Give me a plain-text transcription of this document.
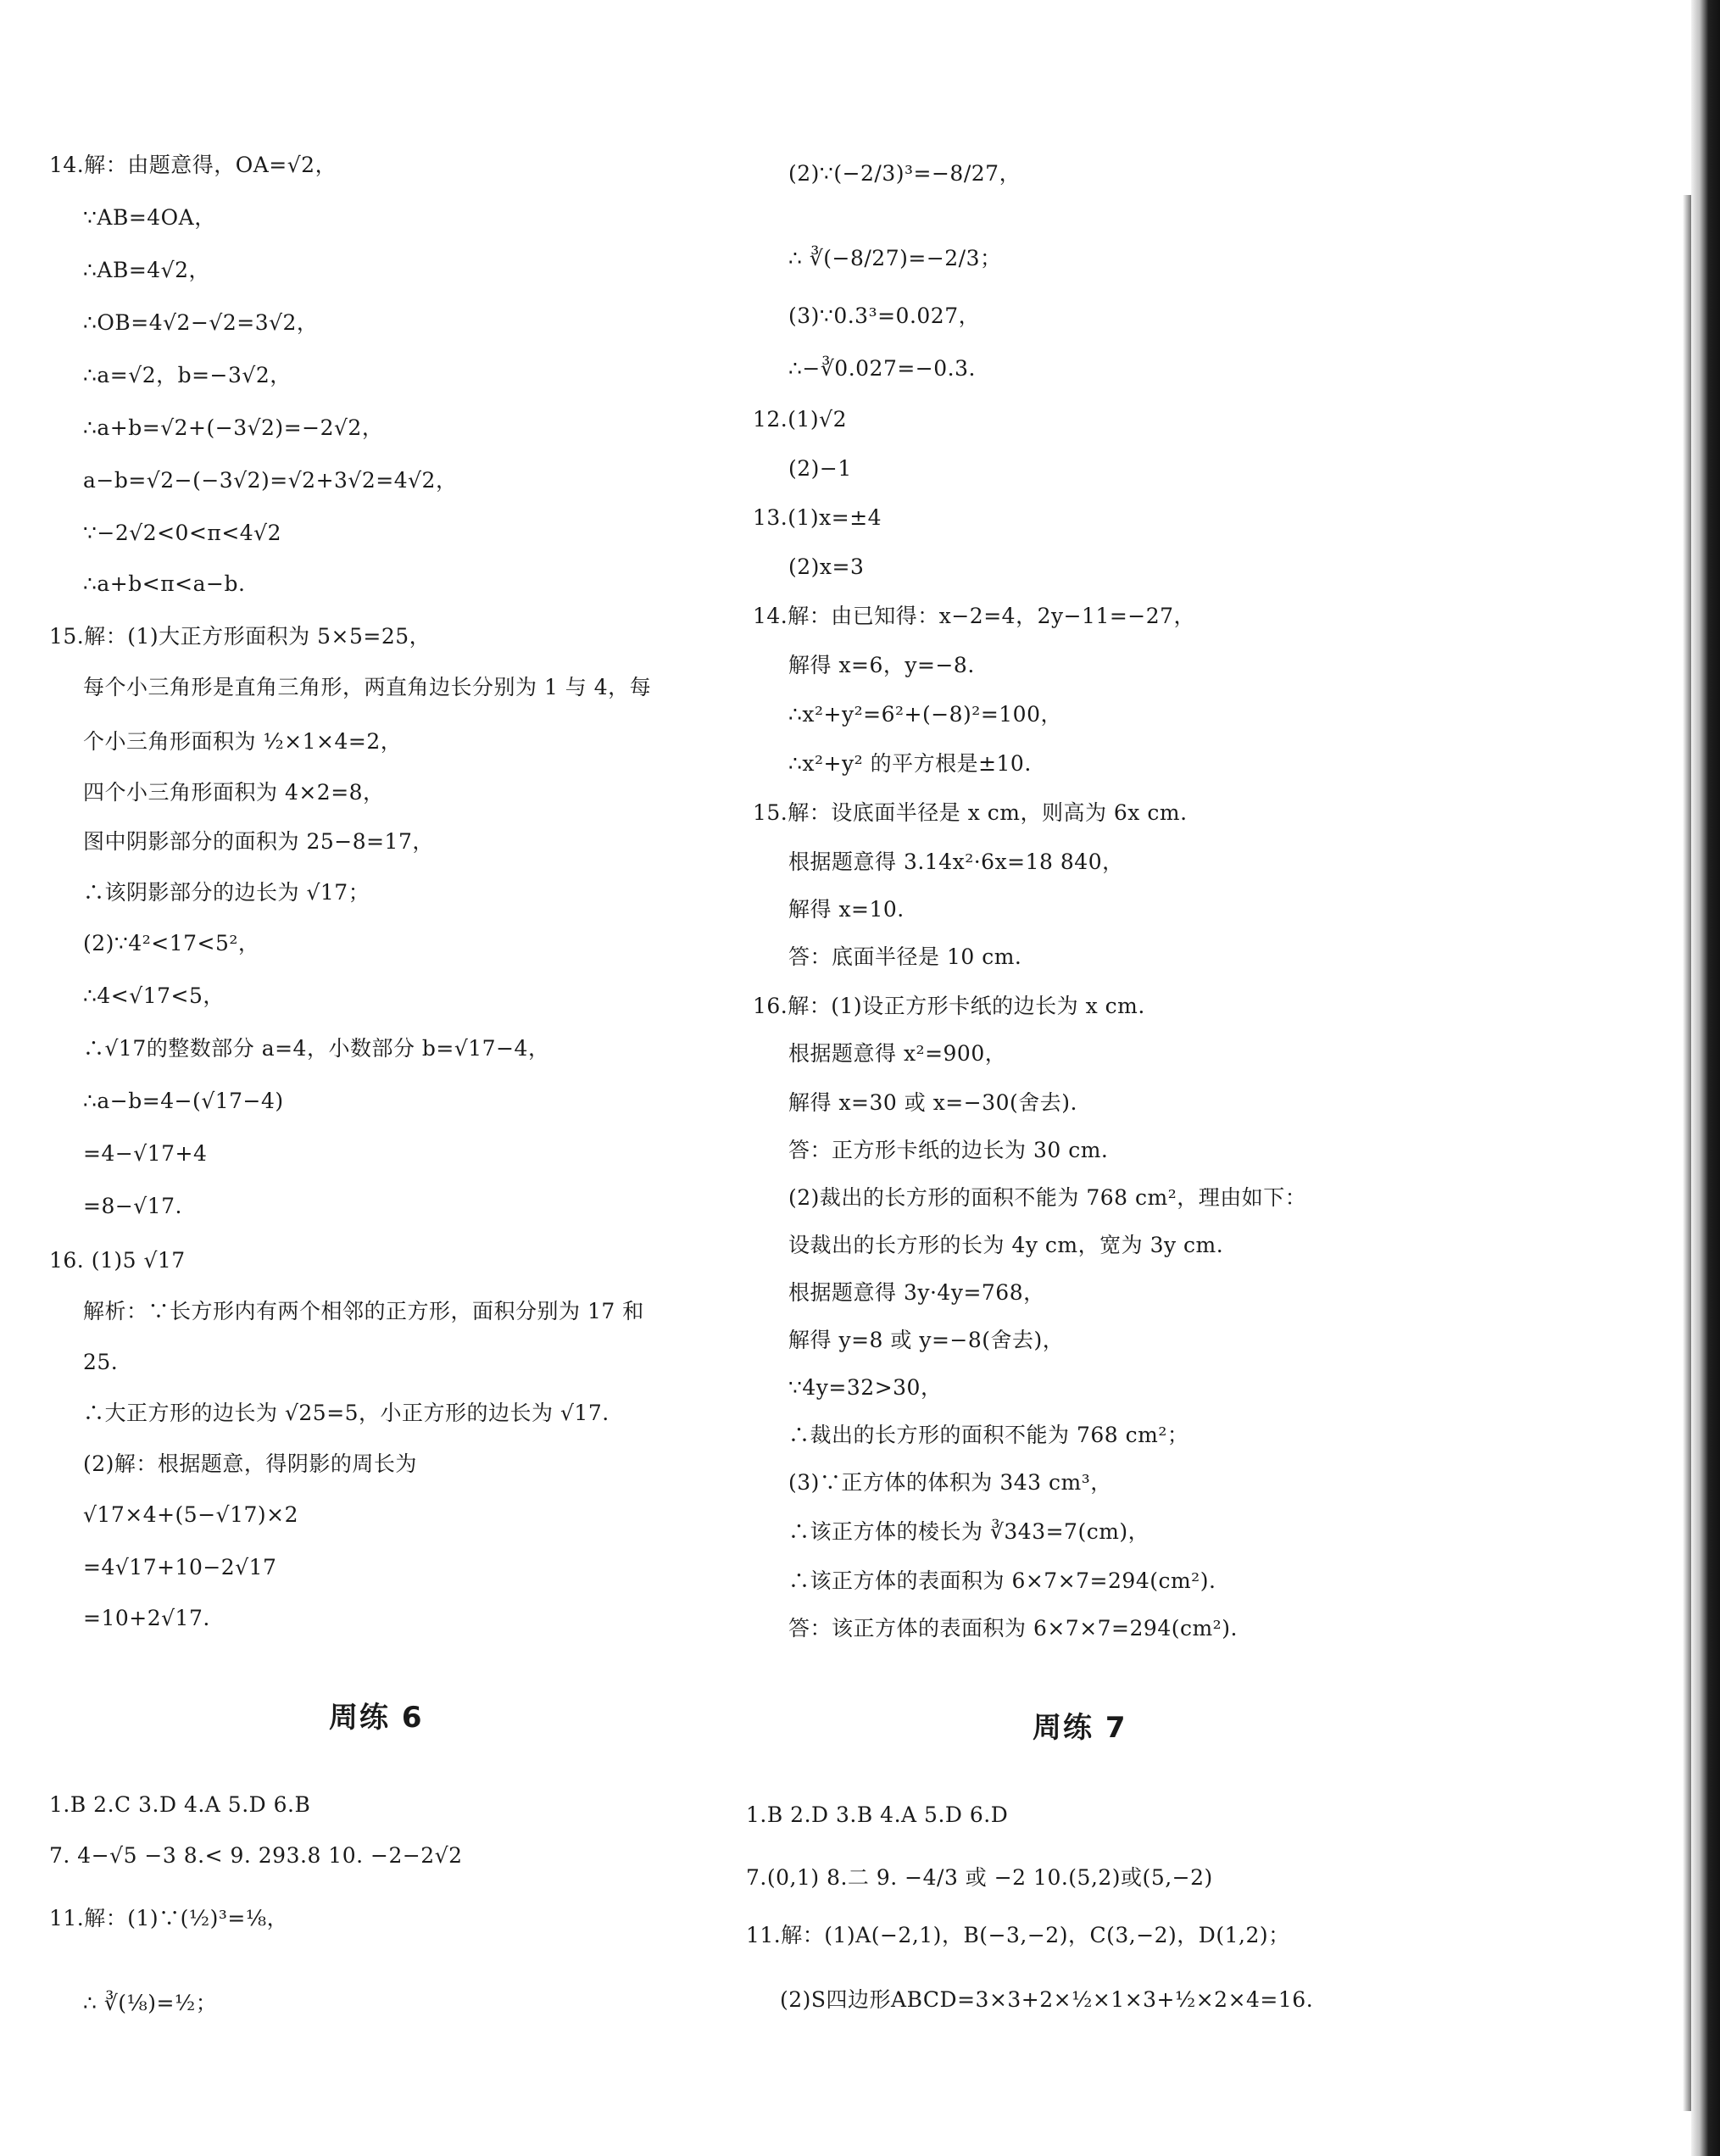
14.解：由题意得，OA=√2，
∵AB=4OA，
∴AB=4√2，
∴OB=4√2−√2=3√2，
∴a=√2，b=−3√2，
∴a+b=√2+(−3√2)=−2√2，
a−b=√2−(−3√2)=√2+3√2=4√2，
∵−2√2<0<π<4√2
∴a+b<π<a−b.
15.解：(1)大正方形面积为 5×5=25，
每个小三角形是直角三角形，两直角边长分别为 1 与 4，每
个小三角形面积为 ½×1×4=2，
四个小三角形面积为 4×2=8，
图中阴影部分的面积为 25−8=17，
∴该阴影部分的边长为 √17；
(2)∵4²<17<5²，
∴4<√17<5，
∴√17的整数部分 a=4，小数部分 b=√17−4，
∴a−b=4−(√17−4)
=4−√17+4
=8−√17.
16. (1)5 √17
解析：∵长方形内有两个相邻的正方形，面积分别为 17 和
25.
∴大正方形的边长为 √25=5，小正方形的边长为 √17.
(2)解：根据题意，得阴影的周长为
√17×4+(5−√17)×2
=4√17+10−2√17
=10+2√17.
1.B 2.C 3.D 4.A 5.D 6.B
7. 4−√5 −3 8.< 9. 293.8 10. −2−2√2
11.解：(1)∵(½)³=⅛，
∴ ∛(⅛)=½；
(2)∵(−2/3)³=−8/27，
∴ ∛(−8/27)=−2/3；
(3)∵0.3³=0.027，
∴−∛0.027=−0.3.
12.(1)√2
(2)−1
13.(1)x=±4
(2)x=3
14.解：由已知得：x−2=4，2y−11=−27，
解得 x=6，y=−8.
∴x²+y²=6²+(−8)²=100，
∴x²+y² 的平方根是±10.
15.解：设底面半径是 x cm，则高为 6x cm.
根据题意得 3.14x²·6x=18 840，
解得 x=10.
答：底面半径是 10 cm.
16.解：(1)设正方形卡纸的边长为 x cm.
根据题意得 x²=900，
解得 x=30 或 x=−30(舍去).
答：正方形卡纸的边长为 30 cm.
(2)裁出的长方形的面积不能为 768 cm²，理由如下：
设裁出的长方形的长为 4y cm，宽为 3y cm.
根据题意得 3y·4y=768，
解得 y=8 或 y=−8(舍去)，
∵4y=32>30，
∴裁出的长方形的面积不能为 768 cm²；
(3)∵正方体的体积为 343 cm³，
∴该正方体的棱长为 ∛343=7(cm)，
∴该正方体的表面积为 6×7×7=294(cm²).
答：该正方体的表面积为 6×7×7=294(cm²).
1.B 2.D 3.B 4.A 5.D 6.D
7.(0,1) 8.二 9. −4/3 或 −2 10.(5,2)或(5,−2)
11.解：(1)A(−2,1)，B(−3,−2)，C(3,−2)，D(1,2)；
(2)S四边形ABCD=3×3+2×½×1×3+½×2×4=16.
周练 6	周练 7
